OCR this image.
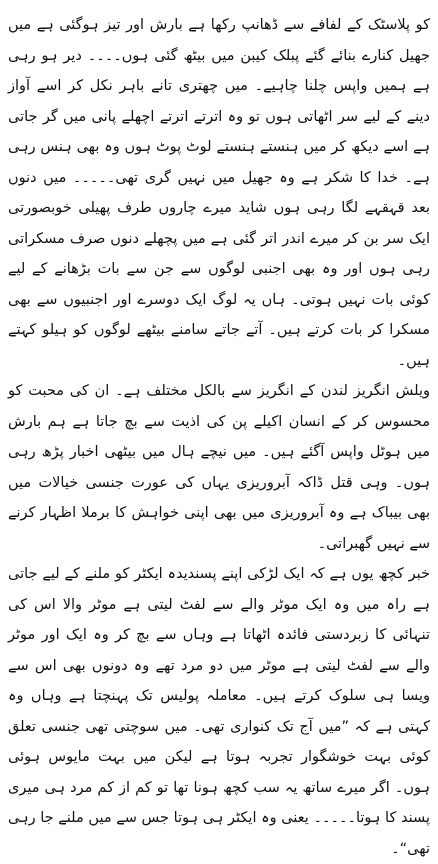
کو پلاسٹک کے لفافے سے ڈھانپ رکھا ہے بارش اور تیز ہوگئی ہے میں جھیل کنارے بنائے گئے پبلک کیبن میں بیٹھ گئی ہوں۔۔۔۔ دیر ہو رہی ہے ہمیں واپس چلنا چاہیے۔ میں چھتری تانے باہر نکل کر اسے آواز دینے کے لیے سر اٹھاتی ہوں تو وہ اترتے اترتے اچھلے پانی میں گر جاتی ہے اسے دیکھ کر میں ہنستے ہنستے لوٹ پوٹ ہوں وہ بھی ہنس رہی ہے۔ خدا کا شکر ہے وہ جھیل میں نہیں گری تھی۔۔۔۔۔ میں دنوں بعد قہقہے لگا رہی ہوں شاید میرے چاروں طرف پھیلی خوبصورتی ایک سر بن کر میرے اندر اتر گئی ہے میں پچھلے دنوں صرف مسکراتی رہی ہوں اور وہ بھی اجنبی لوگوں سے جن سے بات بڑھانے کے لیے کوئی بات نہیں ہوتی۔ ہاں یہ لوگ ایک دوسرے اور اجنبیوں سے بھی مسکرا کر بات کرتے ہیں۔ آتے جاتے سامنے بیٹھے لوگوں کو ہیلو کہتے ہیں۔

ویلش انگریز لندن کے انگریز سے بالکل مختلف ہے۔ ان کی محبت کو محسوس کر کے انسان اکیلے پن کی اذیت سے بچ جاتا ہے ہم بارش میں ہوٹل واپس آگئے ہیں۔ میں نیچے ہال میں بیٹھی اخبار پڑھ رہی ہوں۔ وہی قتل ڈاکہ آبروریزی یہاں کی عورت جنسی خیالات میں بھی بیباک ہے وہ آبروریزی میں بھی اپنی خواہش کا برملا اظہار کرنے سے نہیں گھبراتی۔

خبر کچھ یوں ہے کہ ایک لڑکی اپنے پسندیدہ ایکٹر کو ملنے کے لیے جاتی ہے راہ میں وہ ایک موٹر والے سے لفٹ لیتی ہے موٹر والا اس کی تنہائی کا زبردستی فائدہ اٹھاتا ہے وہاں سے بچ کر وہ ایک اور موٹر والے سے لفٹ لیتی ہے موٹر میں دو مرد تھے وہ دونوں بھی اس سے ویسا ہی سلوک کرتے ہیں۔ معاملہ پولیس تک پہنچتا ہے وہاں وہ کہتی ہے کہ ”میں آج تک کنواری تھی۔ میں سوچتی تھی جنسی تعلق کوئی بہت خوشگوار تجربہ ہوتا ہے لیکن میں بہت مایوس ہوئی ہوں۔ اگر میرے ساتھ یہ سب کچھ ہونا تھا تو کم از کم مرد ہی میری پسند کا ہوتا۔۔۔۔۔ یعنی وہ ایکٹر ہی ہوتا جس سے میں ملنے جا رہی تھی“۔
